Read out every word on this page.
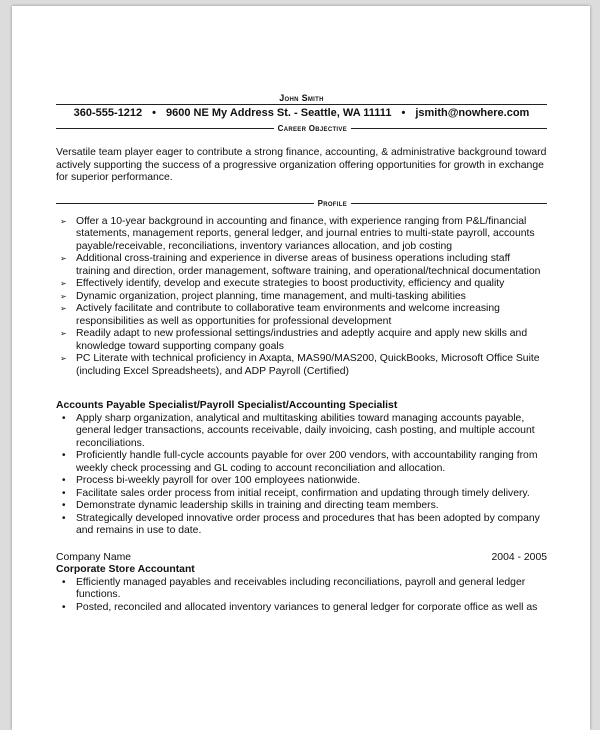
John Smith
360-555-1212 • 9600 NE My Address St. - Seattle, WA 11111 • jsmith@nowhere.com
Career Objective
Versatile team player eager to contribute a strong finance, accounting, & administrative background toward actively supporting the success of a progressive organization offering opportunities for growth in exchange for superior performance.
Profile
➢ Offer a 10-year background in accounting and finance, with experience ranging from P&L/financial statements, management reports, general ledger, and journal entries to multi-state payroll, accounts payable/receivable, reconciliations, inventory variances allocation, and job costing
➢ Additional cross-training and experience in diverse areas of business operations including staff training and direction, order management, software training, and operational/technical documentation
➢ Effectively identify, develop and execute strategies to boost productivity, efficiency and quality
➢ Dynamic organization, project planning, time management, and multi-tasking abilities
➢ Actively facilitate and contribute to collaborative team environments and welcome increasing responsibilities as well as opportunities for professional development
➢ Readily adapt to new professional settings/industries and adeptly acquire and apply new skills and knowledge toward supporting company goals
➢ PC Literate with technical proficiency in Axapta, MAS90/MAS200, QuickBooks, Microsoft Office Suite (including Excel Spreadsheets), and ADP Payroll (Certified)
Accounts Payable Specialist/Payroll Specialist/Accounting Specialist
• Apply sharp organization, analytical and multitasking abilities toward managing accounts payable, general ledger transactions, accounts receivable, daily invoicing, cash posting, and multiple account reconciliations.
• Proficiently handle full-cycle accounts payable for over 200 vendors, with accountability ranging from weekly check processing and GL coding to account reconciliation and allocation.
• Process bi-weekly payroll for over 100 employees nationwide.
• Facilitate sales order process from initial receipt, confirmation and updating through timely delivery.
• Demonstrate dynamic leadership skills in training and directing team members.
• Strategically developed innovative order process and procedures that has been adopted by company and remains in use to date.
Company Name	2004 - 2005
Corporate Store Accountant
• Efficiently managed payables and receivables including reconciliations, payroll and general ledger functions.
• Posted, reconciled and allocated inventory variances to general ledger for corporate office as well as
